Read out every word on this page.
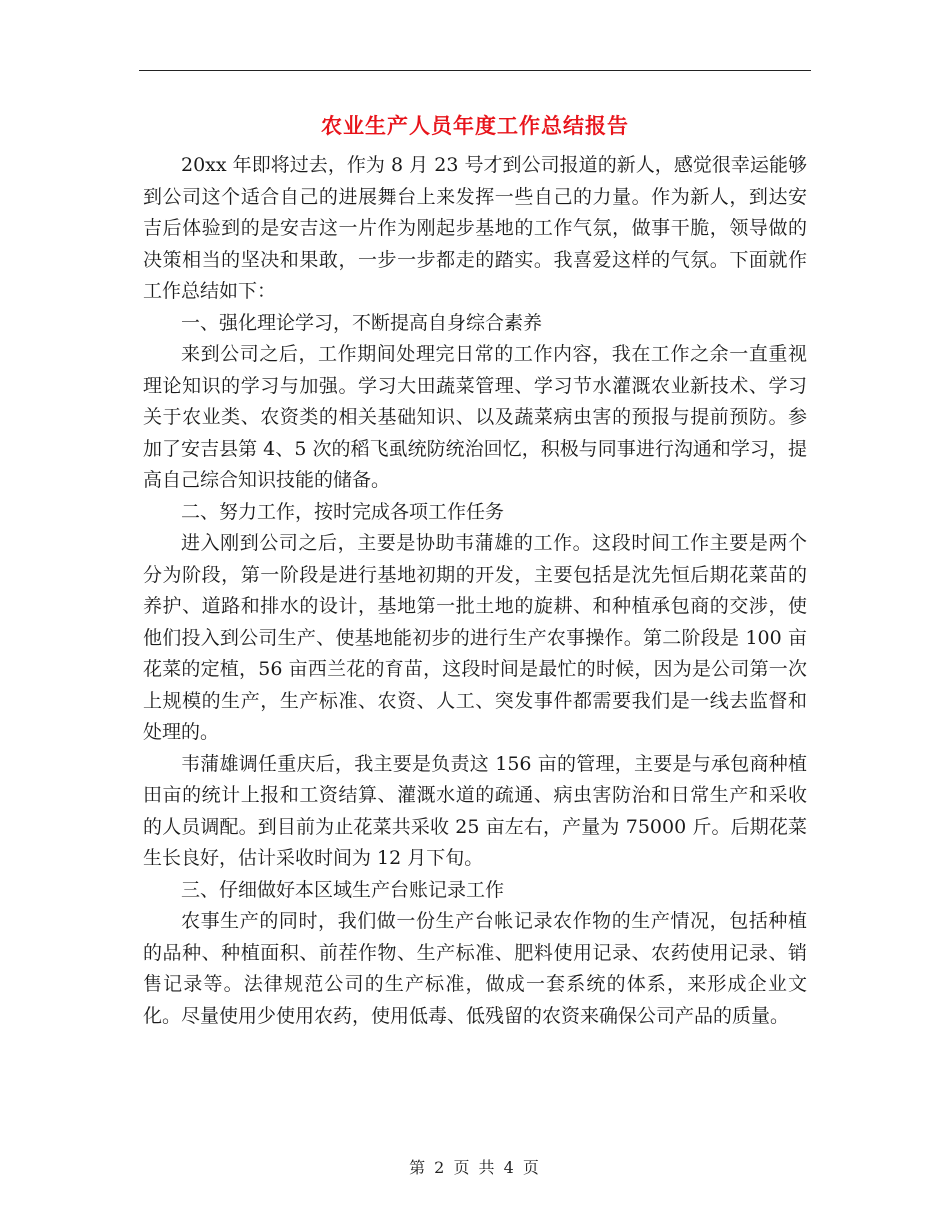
农业生产人员年度工作总结报告

20xx 年即将过去，作为 8 月 23 号才到公司报道的新人，感觉很幸运能够到公司这个适合自己的进展舞台上来发挥一些自己的力量。作为新人，到达安吉后体验到的是安吉这一片作为刚起步基地的工作气氛，做事干脆，领导做的决策相当的坚决和果敢，一步一步都走的踏实。我喜爱这样的气氛。下面就作工作总结如下：

一、强化理论学习，不断提高自身综合素养

来到公司之后，工作期间处理完日常的工作内容，我在工作之余一直重视理论知识的学习与加强。学习大田蔬菜管理、学习节水灌溉农业新技术、学习关于农业类、农资类的相关基础知识、以及蔬菜病虫害的预报与提前预防。参加了安吉县第 4、5 次的稻飞虱统防统治回忆，积极与同事进行沟通和学习，提高自己综合知识技能的储备。

二、努力工作，按时完成各项工作任务

进入刚到公司之后，主要是协助韦蒲雄的工作。这段时间工作主要是两个分为阶段，第一阶段是进行基地初期的开发，主要包括是沈先恒后期花菜苗的养护、道路和排水的设计，基地第一批土地的旋耕、和种植承包商的交涉，使他们投入到公司生产、使基地能初步的进行生产农事操作。第二阶段是 100 亩花菜的定植，56 亩西兰花的育苗，这段时间是最忙的时候，因为是公司第一次上规模的生产，生产标准、农资、人工、突发事件都需要我们是一线去监督和处理的。

韦蒲雄调任重庆后，我主要是负责这 156 亩的管理，主要是与承包商种植田亩的统计上报和工资结算、灌溉水道的疏通、病虫害防治和日常生产和采收的人员调配。到目前为止花菜共采收 25 亩左右，产量为 75000 斤。后期花菜生长良好，估计采收时间为 12 月下旬。

三、仔细做好本区域生产台账记录工作

农事生产的同时，我们做一份生产台帐记录农作物的生产情况，包括种植的品种、种植面积、前茬作物、生产标准、肥料使用记录、农药使用记录、销售记录等。法律规范公司的生产标准，做成一套系统的体系，来形成企业文化。尽量使用少使用农药，使用低毒、低残留的农资来确保公司产品的质量。

第 2 页 共 4 页
